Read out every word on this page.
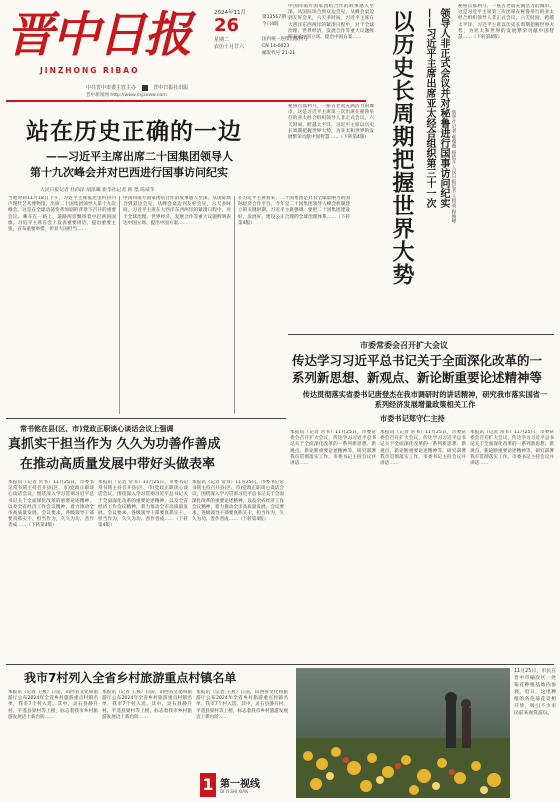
晋中日报
JINZHONG RIBAO
2024年11月
26
星期二
农历十月廿六
第13567期
今日4版
国内统一连续出版物号
CN 14-0023
邮发代号 21-21
中共晋中市委主管主办	晋中日报社出版
晋中新闻网 http://www.sxjzxww.com
站在历史正确的一边
——习近平主席出席二十国集团领导人
第十九次峰会并对巴西进行国事访问纪实
人民日报记者 杜尚泽 胡泽曦 新华社记者 韩 墨 陈威华
当地时间11月18日下午，习近平主席抵达里约热内卢现代艺术博物馆，出席二十国集团领导人第十九次峰会。这是在全球动荡变革加剧的背景下召开的重要会议。乘车在一路上，道路两旁飘扬着中巴两国国旗。习近平主席在会上发表重要讲话，提出重要主张，宣布重要举措，彰显大国担当……
中国同南方国家团结合作的故事感人至深。从国际场合到双边会见，从峰会桌边到友好会见，六天多时间，习近平主席在大西洋东西两岸的紧凑日程中，对于全球治理、世界经济、发展合作等重大议题鲜明表达中国立场、提出中国方案……
在习近平主席看来，二十国集团是具有全球影响力的国际经济合作平台。今年是二十国集团领导人峰会机制建立的关键时期。习近平主席强调，要把二十国集团建设好、发展好，建设公正合理的全球治理体系……（下转第4版）
中国同南方国家团结合作的故事感人至深。从国际场合到双边会见，从峰会桌边到友好会见，六天多时间，习近平主席在大西洋东西两岸的紧凑日程中，对于全球治理、世界经济、发展合作等重大议题鲜明表达中国立场、提出中国方案……	领导人非正式会议并对秘鲁进行国事访问纪实
——习近平主席出席亚太经合组织第三十一次
以历史长周期把握世界大势	新华社记者 郝薇薇 杨依军 人民日报记者 王悦明 程俊峰
秘鲁首都利马，一座古老而充满活力的城市。这是习近平主席第三次出席在秘鲁举行的亚太经合组织领导人非正式会议。六天时间，跨越太平洋，习近平主席以历史长周期把握世界大势，为亚太和世界的发展繁荣贡献中国智慧……（下转第4版）
秘鲁首都利马，一座古老而充满活力的城市。这是习近平主席第三次出席在秘鲁举行的亚太经合组织领导人非正式会议。六天时间，跨越太平洋，习近平主席以历史长周期把握世界大势，为亚太和世界的发展繁荣贡献中国智慧……（下转第4版）
市委常委会召开扩大会议
传达学习习近平总书记关于全面深化改革的一系列新思想、新观点、新论断重要论述精神等
传达贯彻落实省委书记唐登杰在我市调研时的讲话精神，研究我市落实国省一系列经济发展增量政策相关工作
市委书记郑守仁主持
本报讯（记者 常书）11月25日，市委常委会召开扩大会议，传达学习习近平总书记关于全面深化改革的一系列新思想、新观点、新论断重要论述精神等，研究部署我市贯彻落实工作。市委书记主持会议并讲话……
本报讯（记者 常书）11月25日，市委常委会召开扩大会议，传达学习习近平总书记关于全面深化改革的一系列新思想、新观点、新论断重要论述精神等，研究部署我市贯彻落实工作。市委书记主持会议并讲话……
本报讯（记者 常书）11月25日，市委常委会召开扩大会议，传达学习习近平总书记关于全面深化改革的一系列新思想、新观点、新论断重要论述精神等，研究部署我市贯彻落实工作。市委书记主持会议并讲话……
常书铭在县(区、市)党政正职谈心谈话会议上强调
真抓实干担当作为 久久为功善作善成
在推动高质量发展中带好头做表率
本报讯（记者 常书）11月25日，市委书记常书铭主持召开县(区、市)党政正职谈心谈话会议，围绕深入学习贯彻习近平总书记关于全面深化改革的重要论述精神，以及全省经济工作会议精神，着力推动全市高质量发展。会议要求，各级领导干部要真抓实干、担当作为，久久为功、善作善成……（下转第4版）
本报讯（记者 常书）11月25日，市委书记常书铭主持召开县(区、市)党政正职谈心谈话会议，围绕深入学习贯彻习近平总书记关于全面深化改革的重要论述精神，以及全省经济工作会议精神，着力推动全市高质量发展。会议要求，各级领导干部要真抓实干、担当作为，久久为功、善作善成……（下转第4版）
本报讯（记者 常书）11月25日，市委书记常书铭主持召开县(区、市)党政正职谈心谈话会议，围绕深入学习贯彻习近平总书记关于全面深化改革的重要论述精神，以及全省经济工作会议精神，着力推动全市高质量发展。会议要求，各级领导干部要真抓实干、担当作为，久久为功、善作善成……（下转第4版）
我市7村列入全省乡村旅游重点村镇名单
本报讯（记者 王燕）日前，山西省文化和旅游厅公布2024年全省乡村旅游重点村镇名单，我市7个村入选。其中，灵石县静升村、平遥县梁村等上榜，标志着我市乡村旅游发展迈上新台阶……
本报讯（记者 王燕）日前，山西省文化和旅游厅公布2024年全省乡村旅游重点村镇名单，我市7个村入选。其中，灵石县静升村、平遥县梁村等上榜，标志着我市乡村旅游发展迈上新台阶……
本报讯（记者 王燕）日前，山西省文化和旅游厅公布2024年全省乡村旅游重点村镇名单，我市7个村入选。其中，灵石县静升村、平遥县梁村等上榜，标志着我市乡村旅游发展迈上新台阶……
1 第一视线
DI YI SHI XIAN
11月25日，市民在晋中市榆次区一处菊花种植基地内参观。近日，这里种植的各色菊花竞相开放，吸引不少市民前来观赏游玩。
